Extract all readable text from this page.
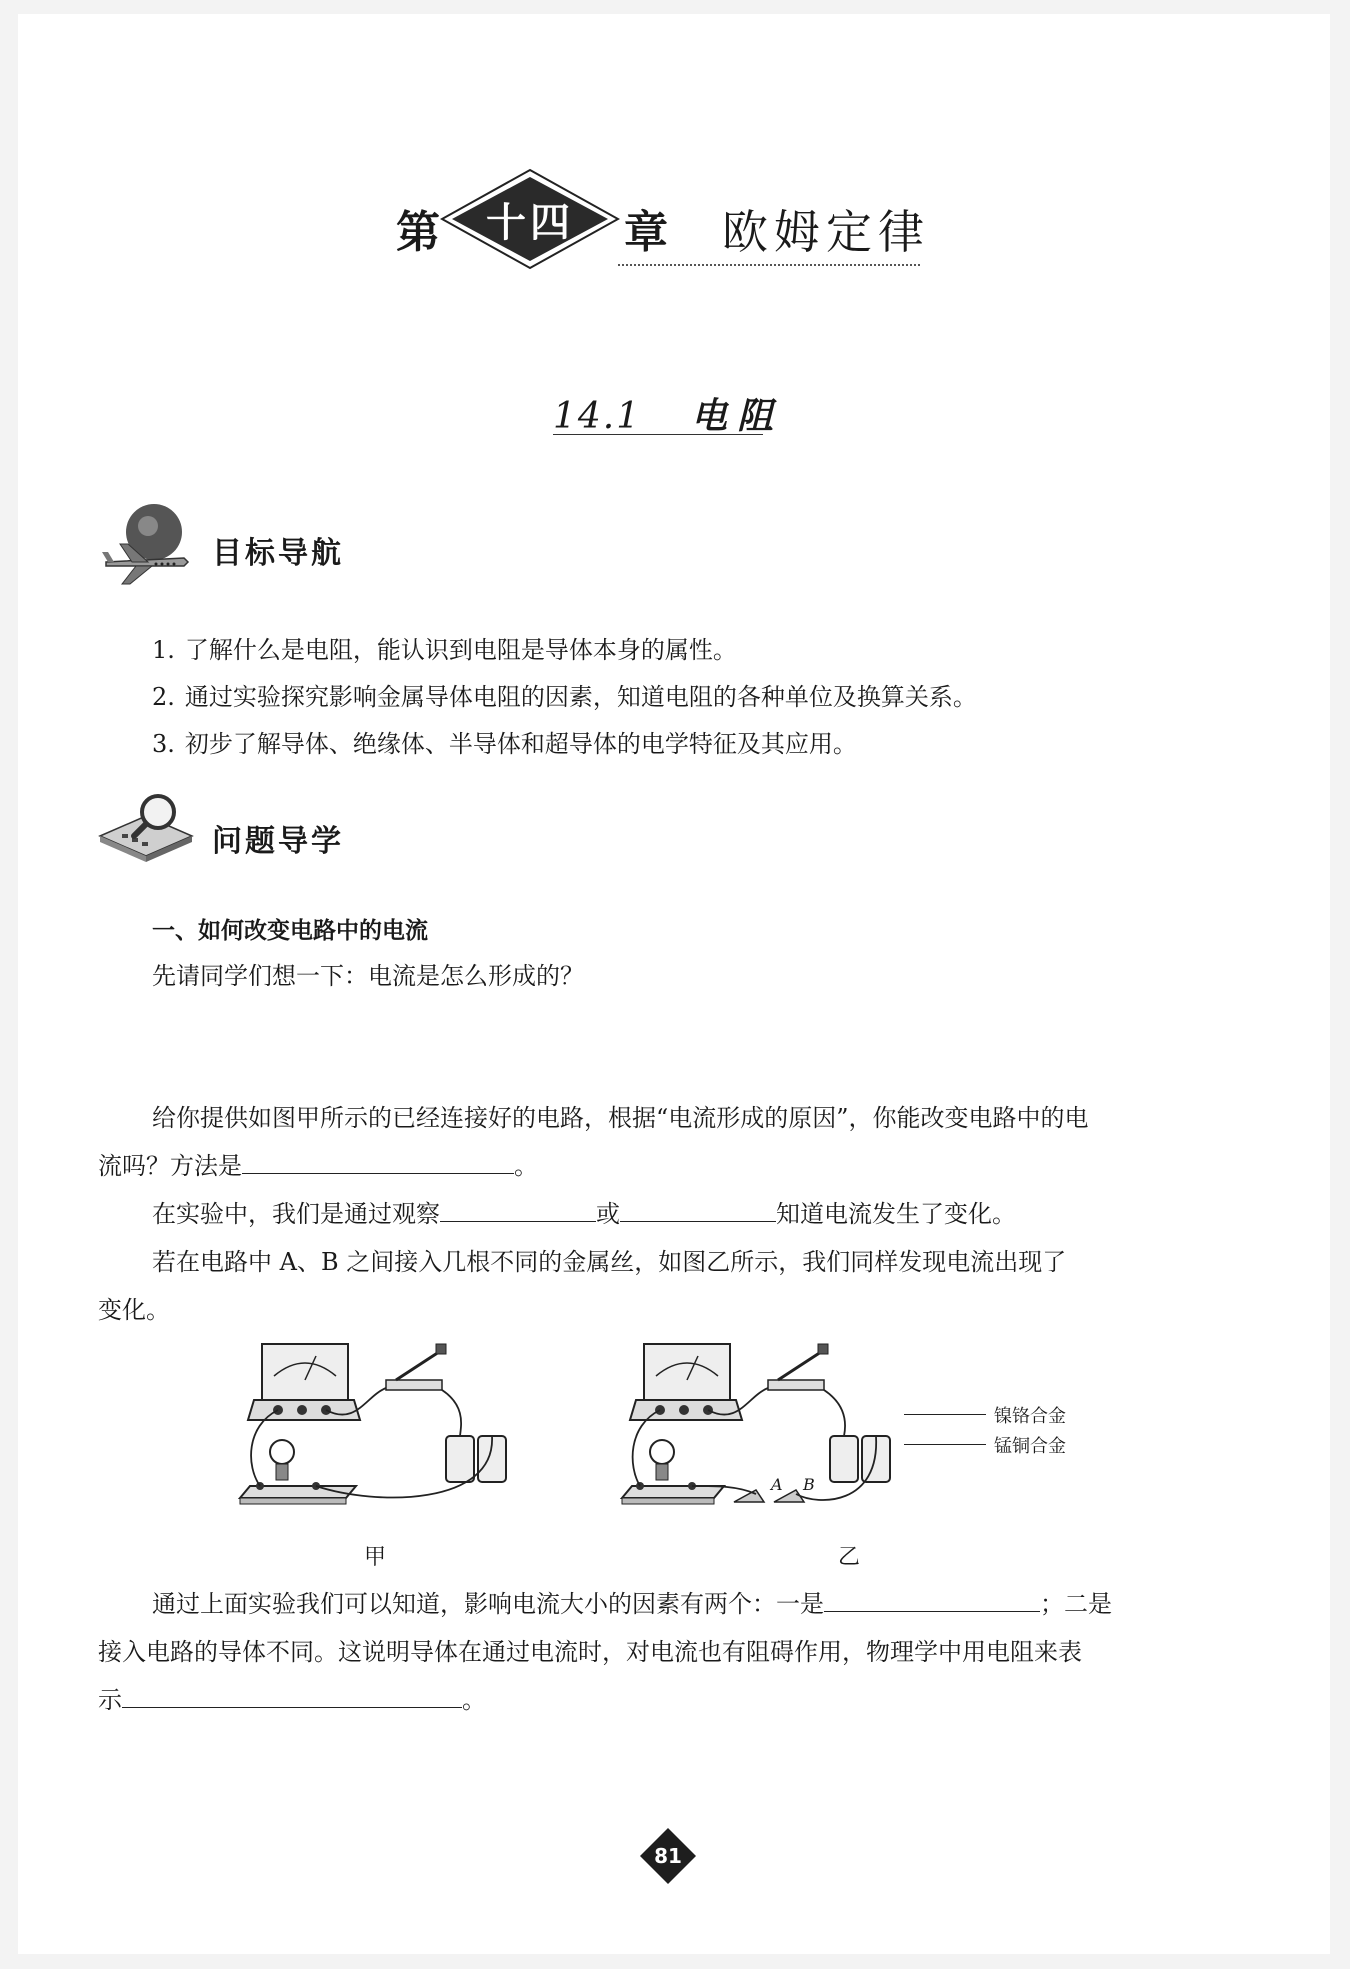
第	十四	章 欧姆定律
14.1 电阻
目标导航
1. 了解什么是电阻，能认识到电阻是导体本身的属性。
2. 通过实验探究影响金属导体电阻的因素，知道电阻的各种单位及换算关系。
3. 初步了解导体、绝缘体、半导体和超导体的电学特征及其应用。
问题导学
一、如何改变电路中的电流
先请同学们想一下：电流是怎么形成的？
给你提供如图甲所示的已经连接好的电路，根据“电流形成的原因”，你能改变电路中的电
流吗？方法是	。
在实验中，我们是通过观察	或	知道电流发生了变化。
若在电路中 A、B 之间接入几根不同的金属丝，如图乙所示，我们同样发现电流出现了
变化。
甲
A B
镍铬合金
锰铜合金
乙
通过上面实验我们可以知道，影响电流大小的因素有两个：一是	；二是
接入电路的导体不同。这说明导体在通过电流时，对电流也有阻碍作用，物理学中用电阻来表
示	。
81
